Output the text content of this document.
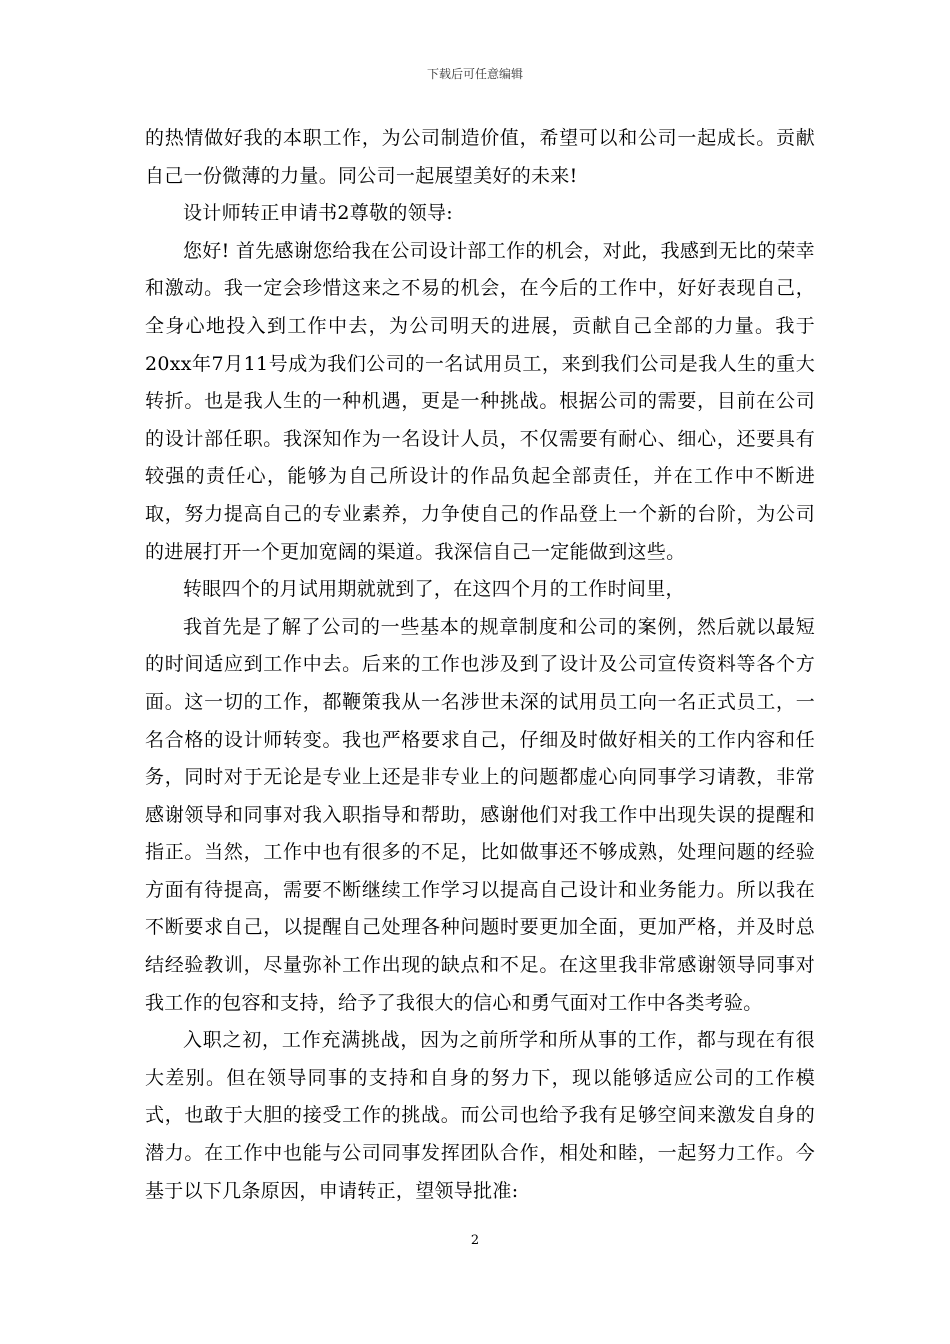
下载后可任意编辑

的热情做好我的本职工作，为公司制造价值，希望可以和公司一起成长。贡献自己一份微薄的力量。同公司一起展望美好的未来!

设计师转正申请书2尊敬的领导:

您好! 首先感谢您给我在公司设计部工作的机会，对此，我感到无比的荣幸和激动。我一定会珍惜这来之不易的机会，在今后的工作中，好好表现自己，全身心地投入到工作中去，为公司明天的进展，贡献自己全部的力量。我于20xx年7月11号成为我们公司的一名试用员工，来到我们公司是我人生的重大转折。也是我人生的一种机遇，更是一种挑战。根据公司的需要，目前在公司的设计部任职。我深知作为一名设计人员，不仅需要有耐心、细心，还要具有较强的责任心，能够为自己所设计的作品负起全部责任，并在工作中不断进取，努力提高自己的专业素养，力争使自己的作品登上一个新的台阶，为公司的进展打开一个更加宽阔的渠道。我深信自己一定能做到这些。

转眼四个的月试用期就就到了，在这四个月的工作时间里，

我首先是了解了公司的一些基本的规章制度和公司的案例，然后就以最短的时间适应到工作中去。后来的工作也涉及到了设计及公司宣传资料等各个方面。这一切的工作，都鞭策我从一名涉世未深的试用员工向一名正式员工，一名合格的设计师转变。我也严格要求自己，仔细及时做好相关的工作内容和任务，同时对于无论是专业上还是非专业上的问题都虚心向同事学习请教，非常感谢领导和同事对我入职指导和帮助，感谢他们对我工作中出现失误的提醒和指正。当然，工作中也有很多的不足，比如做事还不够成熟，处理问题的经验方面有待提高，需要不断继续工作学习以提高自己设计和业务能力。所以我在不断要求自己，以提醒自己处理各种问题时要更加全面，更加严格，并及时总结经验教训，尽量弥补工作出现的缺点和不足。在这里我非常感谢领导同事对我工作的包容和支持，给予了我很大的信心和勇气面对工作中各类考验。

入职之初，工作充满挑战，因为之前所学和所从事的工作，都与现在有很大差别。但在领导同事的支持和自身的努力下，现以能够适应公司的工作模式，也敢于大胆的接受工作的挑战。而公司也给予我有足够空间来激发自身的潜力。在工作中也能与公司同事发挥团队合作，相处和睦，一起努力工作。今基于以下几条原因，申请转正，望领导批准:

2
